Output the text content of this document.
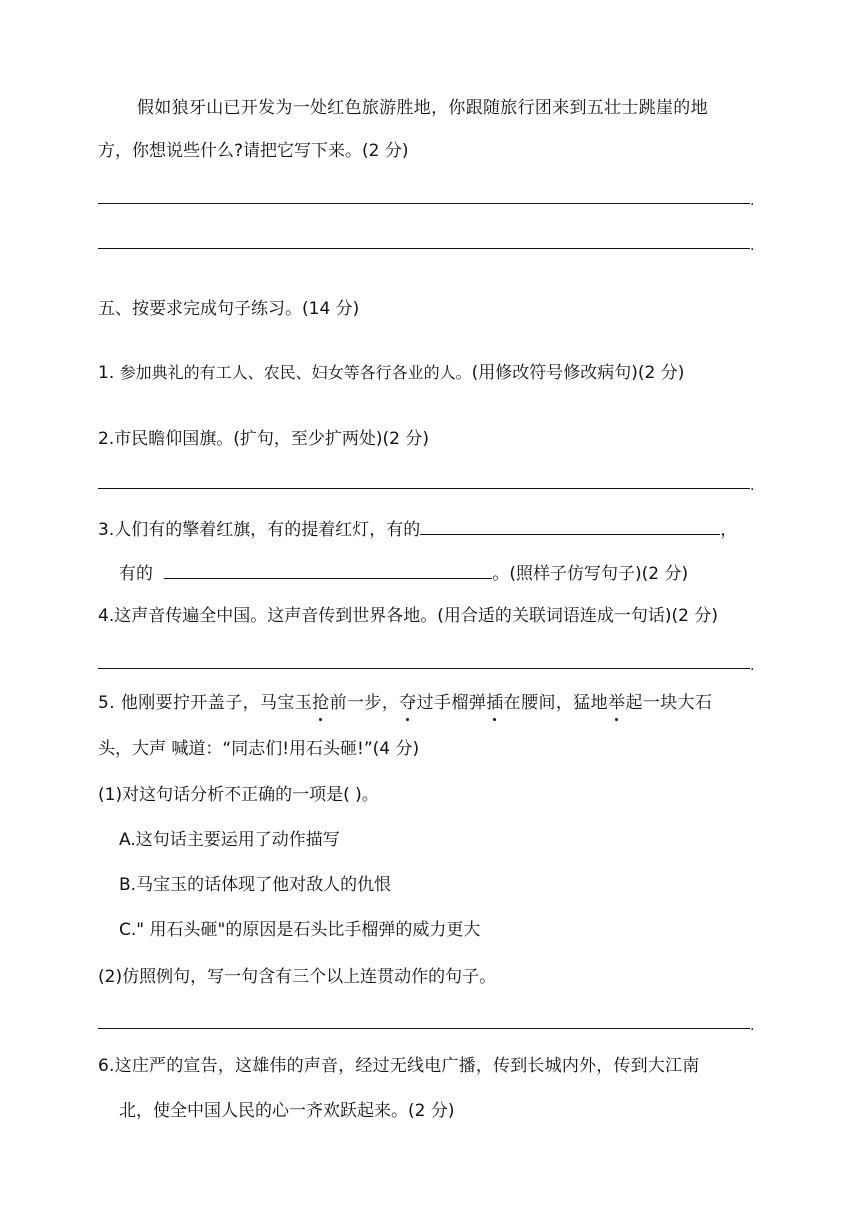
假如狼牙山已开发为一处红色旅游胜地，你跟随旅行团来到五壮士跳崖的地
方，你想说些什么?请把它写下来。(2 分)
.
.
五、按要求完成句子练习。(14 分)
1. 参加典礼的有工人、农民、妇女等各行各业的人。(用修改符号修改病句)(2 分)
2.市民瞻仰国旗。(扩句，至少扩两处)(2 分)
.
3.人们有的擎着红旗，有的提着红灯，有的	，
有的	。(照样子仿写句子)(2 分)
4.这声音传遍全中国。这声音传到世界各地。(用合适的关联词语连成一句话)(2 分)
.
5. 他刚要拧开盖子，马宝玉抢前一步，夺过手榴弹插在腰间，猛地举起一块大石
头，大声 喊道：“同志们!用石头砸!”(4 分)
(1)对这句话分析不正确的一项是( )。
A.这句话主要运用了动作描写
B.马宝玉的话体现了他对敌人的仇恨
C." 用石头砸"的原因是石头比手榴弹的威力更大
(2)仿照例句，写一句含有三个以上连贯动作的句子。
.
6.这庄严的宣告，这雄伟的声音，经过无线电广播，传到长城内外，传到大江南
北，使全中国人民的心一齐欢跃起来。(2 分)
